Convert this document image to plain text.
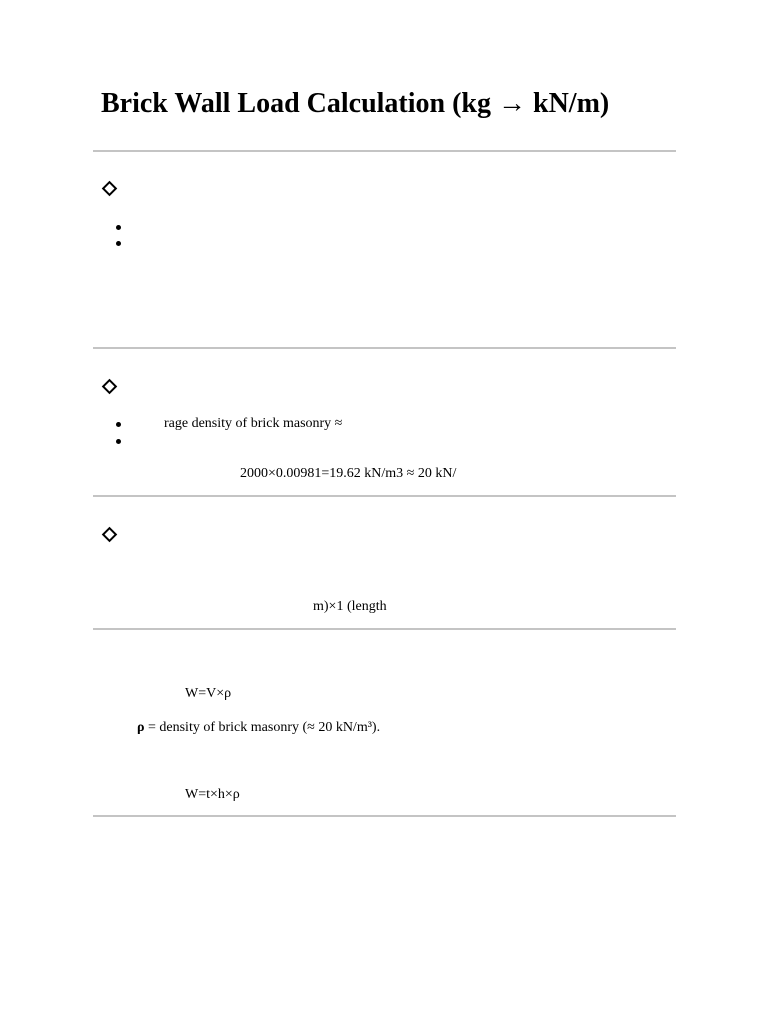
Brick Wall Load Calculation (kg → kN/m)
rage density of brick masonry ≈
2000×0.00981=19.62 kN/m3 ≈ 20 kN/
m)×1 (length
W=V×ρ
ρ = density of brick masonry (≈ 20 kN/m³).
W=t×h×ρ
